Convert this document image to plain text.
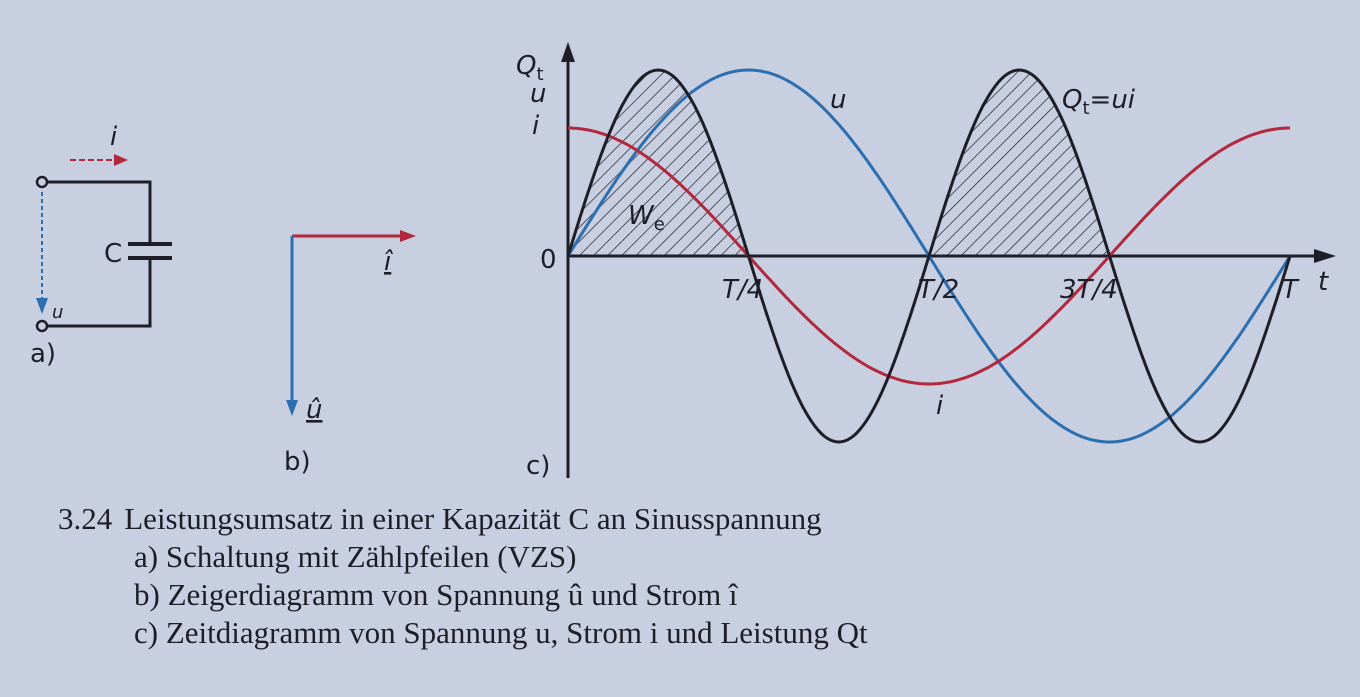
C
i
u
a)
î
û
b)
$Q_t$
u
i
0
t
T/4	T/2	3T/4	T
u
i
$Q_t=ui$
$W_e$
c)
3.24 Leistungsumsatz in einer Kapazität C an Sinusspannung
a) Schaltung mit Zählpfeilen (VZS)
b) Zeigerdiagramm von Spannung û und Strom î
c) Zeitdiagramm von Spannung u, Strom i und Leistung Qt
